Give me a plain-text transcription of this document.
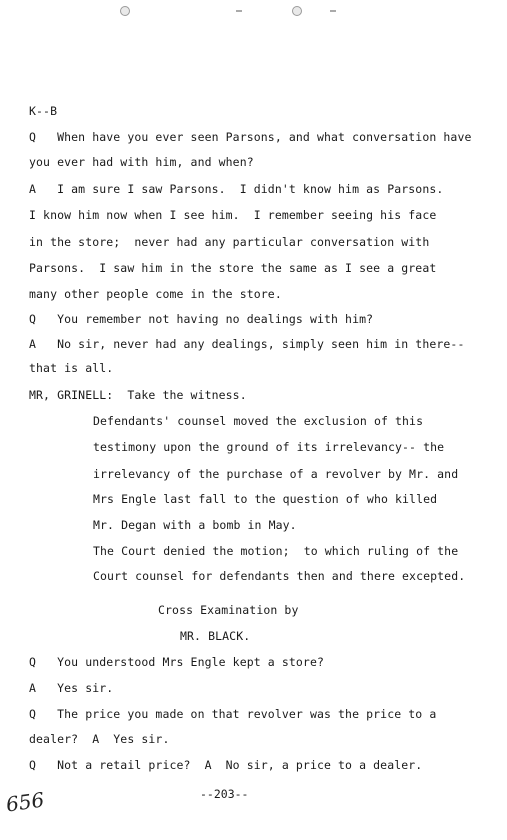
K--B
Q   When have you ever seen Parsons, and what conversation have
you ever had with him, and when?
A   I am sure I saw Parsons.  I didn't know him as Parsons.
I know him now when I see him.  I remember seeing his face
in the store;  never had any particular conversation with
Parsons.  I saw him in the store the same as I see a great
many other people come in the store.
Q   You remember not having no dealings with him?
A   No sir, never had any dealings, simply seen him in there--
that is all.
MR, GRINELL:  Take the witness.
Defendants' counsel moved the exclusion of this
testimony upon the ground of its irrelevancy-- the
irrelevancy of the purchase of a revolver by Mr. and
Mrs Engle last fall to the question of who killed
Mr. Degan with a bomb in May.
The Court denied the motion;  to which ruling of the
Court counsel for defendants then and there excepted.
Cross Examination by
MR. BLACK.
Q   You understood Mrs Engle kept a store?
A   Yes sir.
Q   The price you made on that revolver was the price to a
dealer?  A  Yes sir.
Q   Not a retail price?  A  No sir, a price to a dealer.
656	--203--
